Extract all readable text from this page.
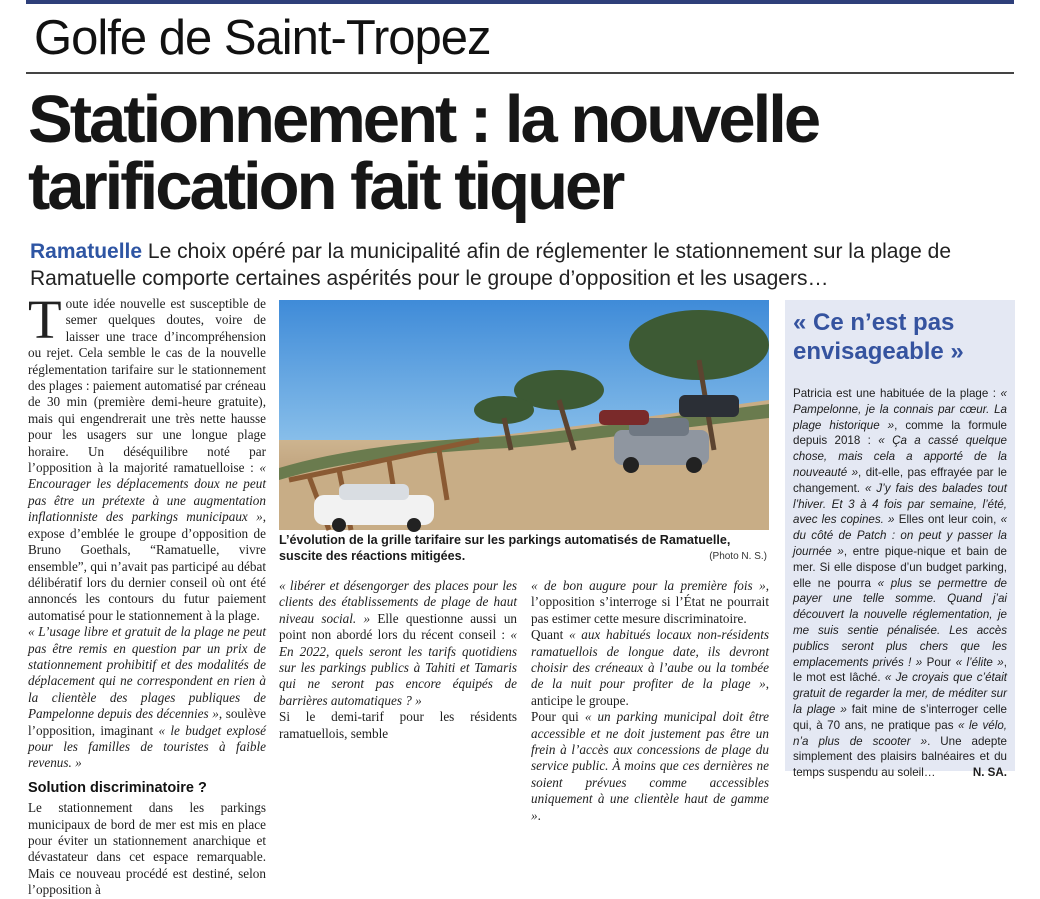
Golfe de Saint-Tropez
Stationnement : la nouvelle
tarification fait tiquer
Ramatuelle Le choix opéré par la municipalité afin de réglementer le stationnement sur la plage de Ramatuelle comporte certaines aspérités pour le groupe d’opposition et les usagers…

Toute idée nouvelle est susceptible de semer quelques doutes, voire de laisser une trace d’incompréhension ou rejet. Cela semble le cas de la nouvelle réglementation tarifaire sur le stationnement des plages : paiement automatisé par créneau de 30 min (première demi-heure gratuite), mais qui engendrerait une très nette hausse pour les usagers sur une longue plage horaire. Un déséquilibre noté par l’opposition à la majorité ramatuelloise : « Encourager les déplacements doux ne peut pas être un prétexte à une augmentation inflationniste des parkings municipaux », expose d’emblée le groupe d’opposition de Bruno Goethals, “Ramatuelle, vivre ensemble”, qui n’avait pas participé au débat délibératif lors du dernier conseil où ont été annoncés les contours du futur paiement automatisé pour le stationnement à la plage.

« L’usage libre et gratuit de la plage ne peut pas être remis en question par un prix de stationnement prohibitif et des modalités de déplacement qui ne correspondent en rien à la clientèle des plages publiques de Pampelonne depuis des décennies », soulève l’opposition, imaginant « le budget explosé pour les familles de touristes à faible revenus. »

Solution discriminatoire ?

Le stationnement dans les parkings municipaux de bord de mer est mis en place pour éviter un stationnement anarchique et dévastateur dans cet espace remarquable. Mais ce nouveau procédé est destiné, selon l’opposition à

L’évolution de la grille tarifaire sur les parkings automatisés de Ramatuelle, suscite des réactions mitigées.	(Photo N. S.)

« libérer et désengorger des places pour les clients des établissements de plage de haut niveau social. » Elle questionne aussi un point non abordé lors du récent conseil : « En 2022, quels seront les tarifs quotidiens sur les parkings publics à Tahiti et Tamaris qui ne seront pas encore équipés de barrières automatiques ? »

Si le demi-tarif pour les résidents ramatuellois, semble

« de bon augure pour la première fois », l’opposition s’interroge si l’État ne pourrait pas estimer cette mesure discriminatoire.

Quant « aux habitués locaux non-résidents ramatuellois de longue date, ils devront choisir des créneaux à l’aube ou la tombée de la nuit pour profiter de la plage », anticipe le groupe.

Pour qui « un parking municipal doit être accessible et ne doit justement pas être un frein à l’accès aux concessions de plage du service public. À moins que ces dernières ne soient prévues comme accessibles uniquement à une clientèle haut de gamme ».

« Ce n’est pas envisageable »
Patricia est une habituée de la plage : « Pampelonne, je la connais par cœur. La plage historique », comme la formule depuis 2018 : « Ça a cassé quelque chose, mais cela a apporté de la nouveauté », dit-elle, pas effrayée par le changement. « J’y fais des balades tout l’hiver. Et 3 à 4 fois par semaine, l’été, avec les copines. » Elles ont leur coin, « du côté de Patch : on peut y passer la journée », entre pique-nique et bain de mer. Si elle dispose d’un budget parking, elle ne pourra « plus se permettre de payer une telle somme. Quand j’ai découvert la nouvelle réglementation, je me suis sentie pénalisée. Les accès publics seront plus chers que les emplacements privés ! » Pour « l’élite », le mot est lâché. « Je croyais que c’était gratuit de regarder la mer, de méditer sur la plage » fait mine de s’interroger celle qui, à 70 ans, ne pratique pas « le vélo, n’a plus de scooter ». Une adepte simplement des plaisirs balnéaires et du temps suspendu au soleil…	N. SA.
